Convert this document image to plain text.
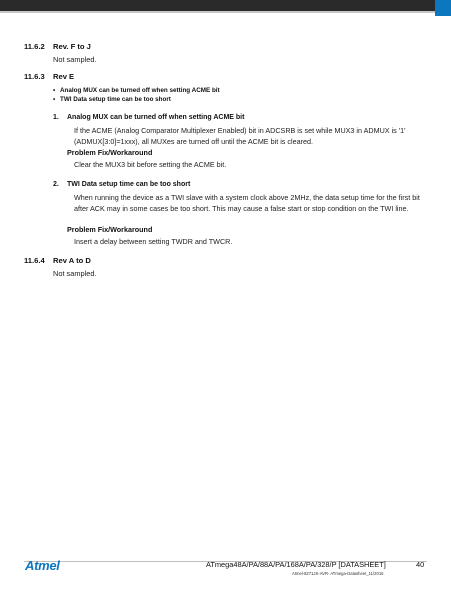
11.6.2 Rev. F to J
Not sampled.
11.6.3 Rev E
• Analog MUX can be turned off when setting ACME bit
• TWI Data setup time can be too short
1. Analog MUX can be turned off when setting ACME bit
If the ACME (Analog Comparator Multiplexer Enabled) bit in ADCSRB is set while MUX3 in ADMUX is '1' (ADMUX[3:0]=1xxx), all MUXes are turned off until the ACME bit is cleared.
Problem Fix/Workaround
Clear the MUX3 bit before setting the ACME bit.
2. TWI Data setup time can be too short
When running the device as a TWI slave with a system clock above 2MHz, the data setup time for the first bit after ACK may in some cases be too short. This may cause a false start or stop condition on the TWI line.
Problem Fix/Workaround
Insert a delay between setting TWDR and TWCR.
11.6.4 Rev A to D
Not sampled.
Atmel	ATmega48A/PA/88A/PA/168A/PA/328/P [DATASHEET]	40
Atmel-8271JS-AVR- ATmega-Datasheet_11/2015
